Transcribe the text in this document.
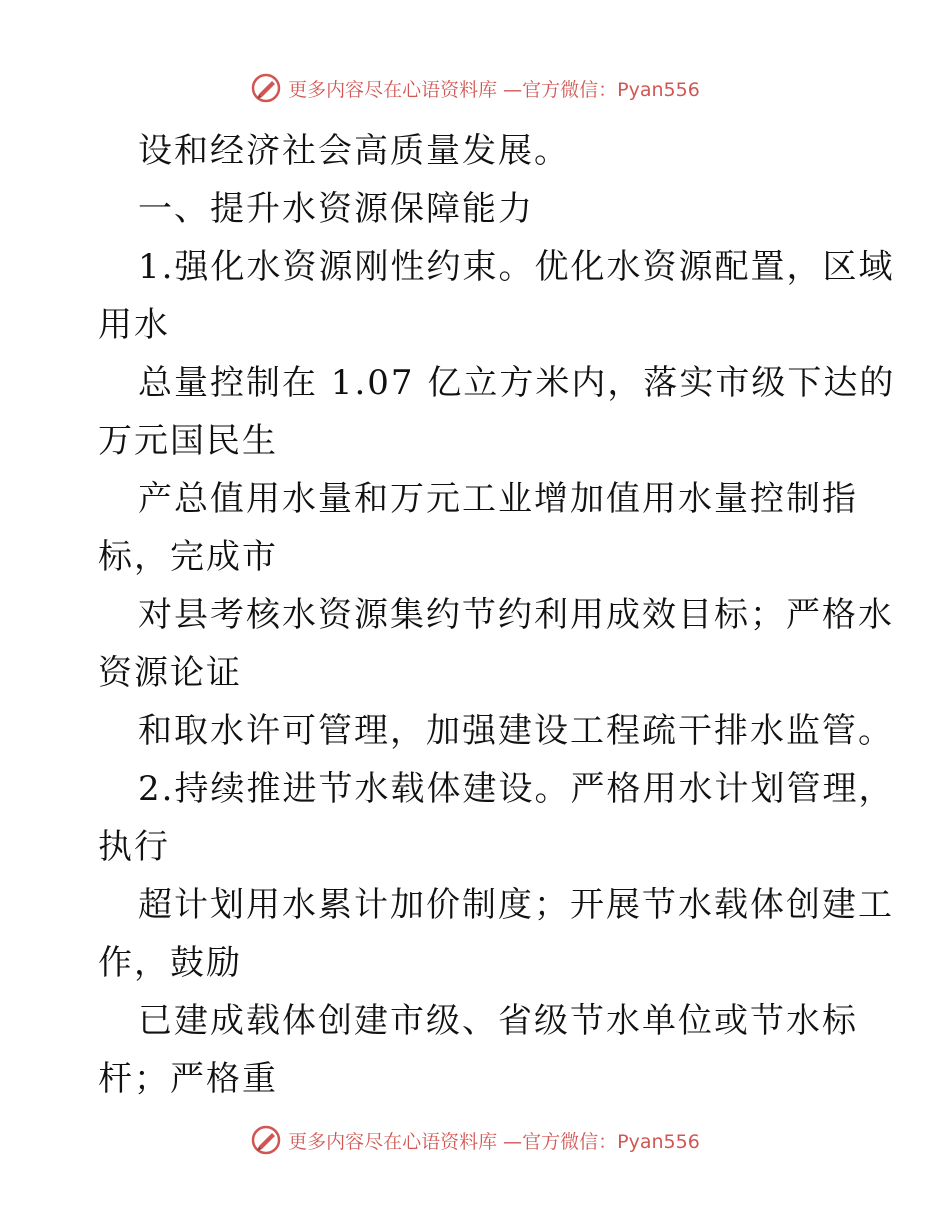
更多内容尽在心语资料库 —官方微信：Pyan556
设和经济社会高质量发展。
一、提升水资源保障能力
1.强化水资源刚性约束。优化水资源配置，区域
用水
总量控制在 1.07 亿立方米内，落实市级下达的
万元国民生
产总值用水量和万元工业增加值用水量控制指
标，完成市
对县考核水资源集约节约利用成效目标；严格水
资源论证
和取水许可管理，加强建设工程疏干排水监管。
2.持续推进节水载体建设。严格用水计划管理，
执行
超计划用水累计加价制度；开展节水载体创建工
作，鼓励
已建成载体创建市级、省级节水单位或节水标
杆；严格重
更多内容尽在心语资料库 —官方微信：Pyan556
